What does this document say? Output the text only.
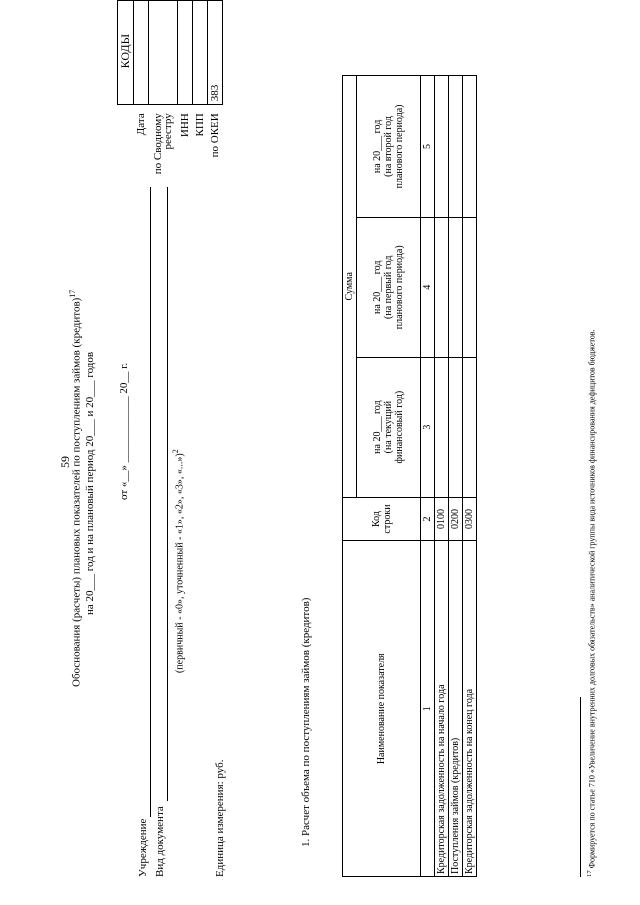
59
Обоснования (расчеты) плановых показателей по поступлениям займов (кредитов)$^{17}$
на 20___ год и на плановый период 20___ и 20___ годов от «__» ____________ 20__ г.
	КОДЫ
Дата	
по Сводному реестру	
ИНН	
КПП	
по ОКЕИ	383
Учреждение Вид документа
(первичный - «0», уточненный - «1», «2», «3», «...»)$^2$
Единица измерения: руб.	1. Расчет объема по поступлениям займов (кредитов)	Наименование показателя	Код строки	Сумма		

		на 20___ год (на текущий финансовый год)	на 20___ год (на первый год планового периода)	на 20___ год (на второй год планового периода)

1	2	3	4	5
Кредиторская задолженность на начало года	0100			
Поступления займов (кредитов)	0200			
Кредиторская задолженность на конец года	0300			
$^{17}$ Формируется по статье 710 «Увеличение внутренних долговых обязательств» аналитической группы вида источников финансирования дефицитов бюджетов.
